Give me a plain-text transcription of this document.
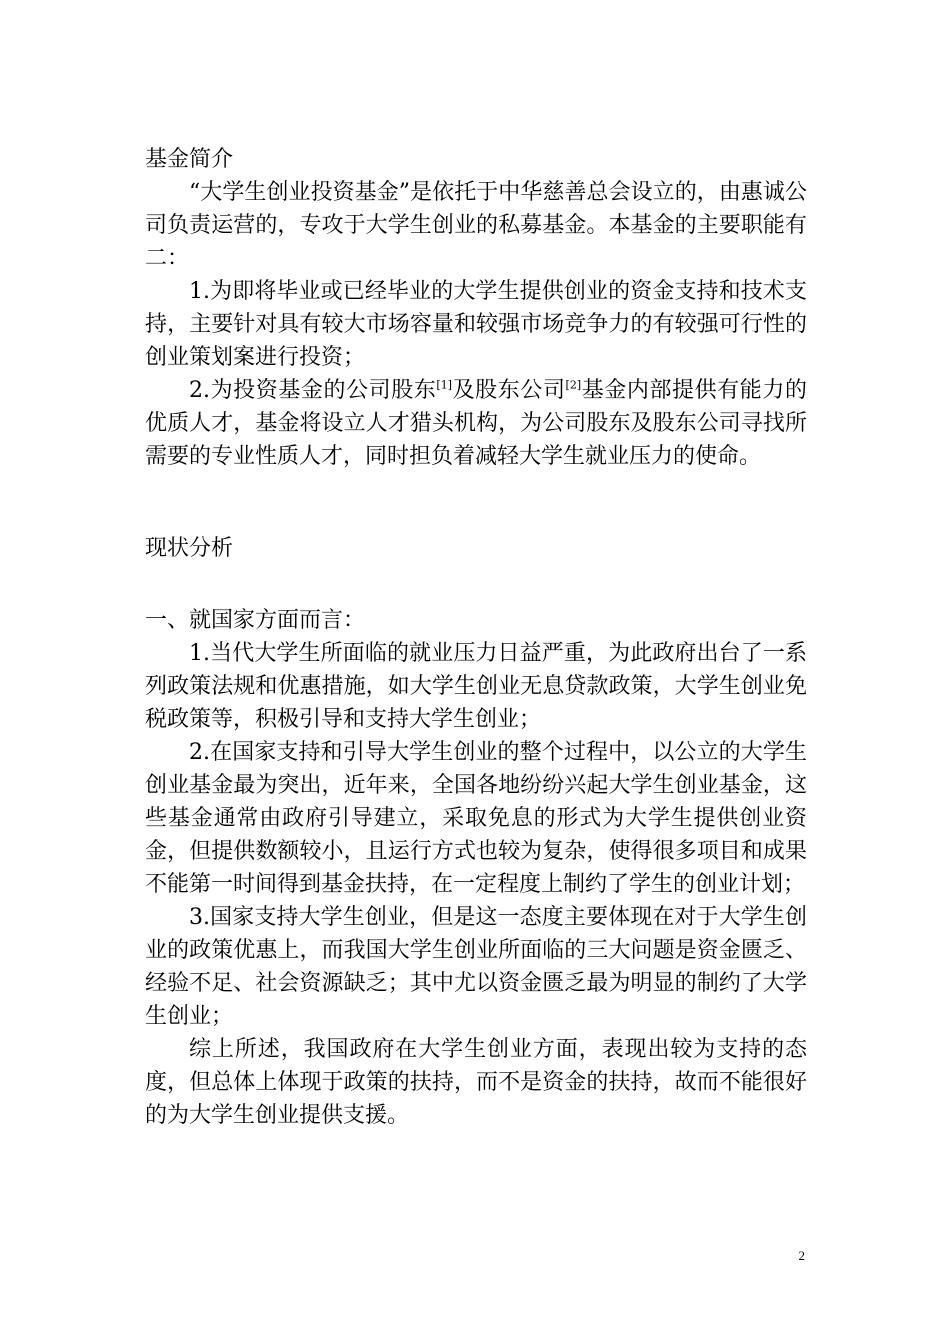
基金简介
“大学生创业投资基金”是依托于中华慈善总会设立的，由惠诚公司负责运营的，专攻于大学生创业的私募基金。本基金的主要职能有二：
1.为即将毕业或已经毕业的大学生提供创业的资金支持和技术支持，主要针对具有较大市场容量和较强市场竞争力的有较强可行性的创业策划案进行投资；
2.为投资基金的公司股东[1]及股东公司[2]基金内部提供有能力的优质人才，基金将设立人才猎头机构，为公司股东及股东公司寻找所需要的专业性质人才，同时担负着减轻大学生就业压力的使命。
现状分析
一、就国家方面而言：
1.当代大学生所面临的就业压力日益严重，为此政府出台了一系列政策法规和优惠措施，如大学生创业无息贷款政策，大学生创业免税政策等，积极引导和支持大学生创业；
2.在国家支持和引导大学生创业的整个过程中，以公立的大学生创业基金最为突出，近年来，全国各地纷纷兴起大学生创业基金，这些基金通常由政府引导建立，采取免息的形式为大学生提供创业资金，但提供数额较小，且运行方式也较为复杂，使得很多项目和成果不能第一时间得到基金扶持，在一定程度上制约了学生的创业计划；
3.国家支持大学生创业，但是这一态度主要体现在对于大学生创业的政策优惠上，而我国大学生创业所面临的三大问题是资金匮乏、经验不足、社会资源缺乏；其中尤以资金匮乏最为明显的制约了大学生创业；
综上所述，我国政府在大学生创业方面，表现出较为支持的态度，但总体上体现于政策的扶持，而不是资金的扶持，故而不能很好的为大学生创业提供支援。
2
